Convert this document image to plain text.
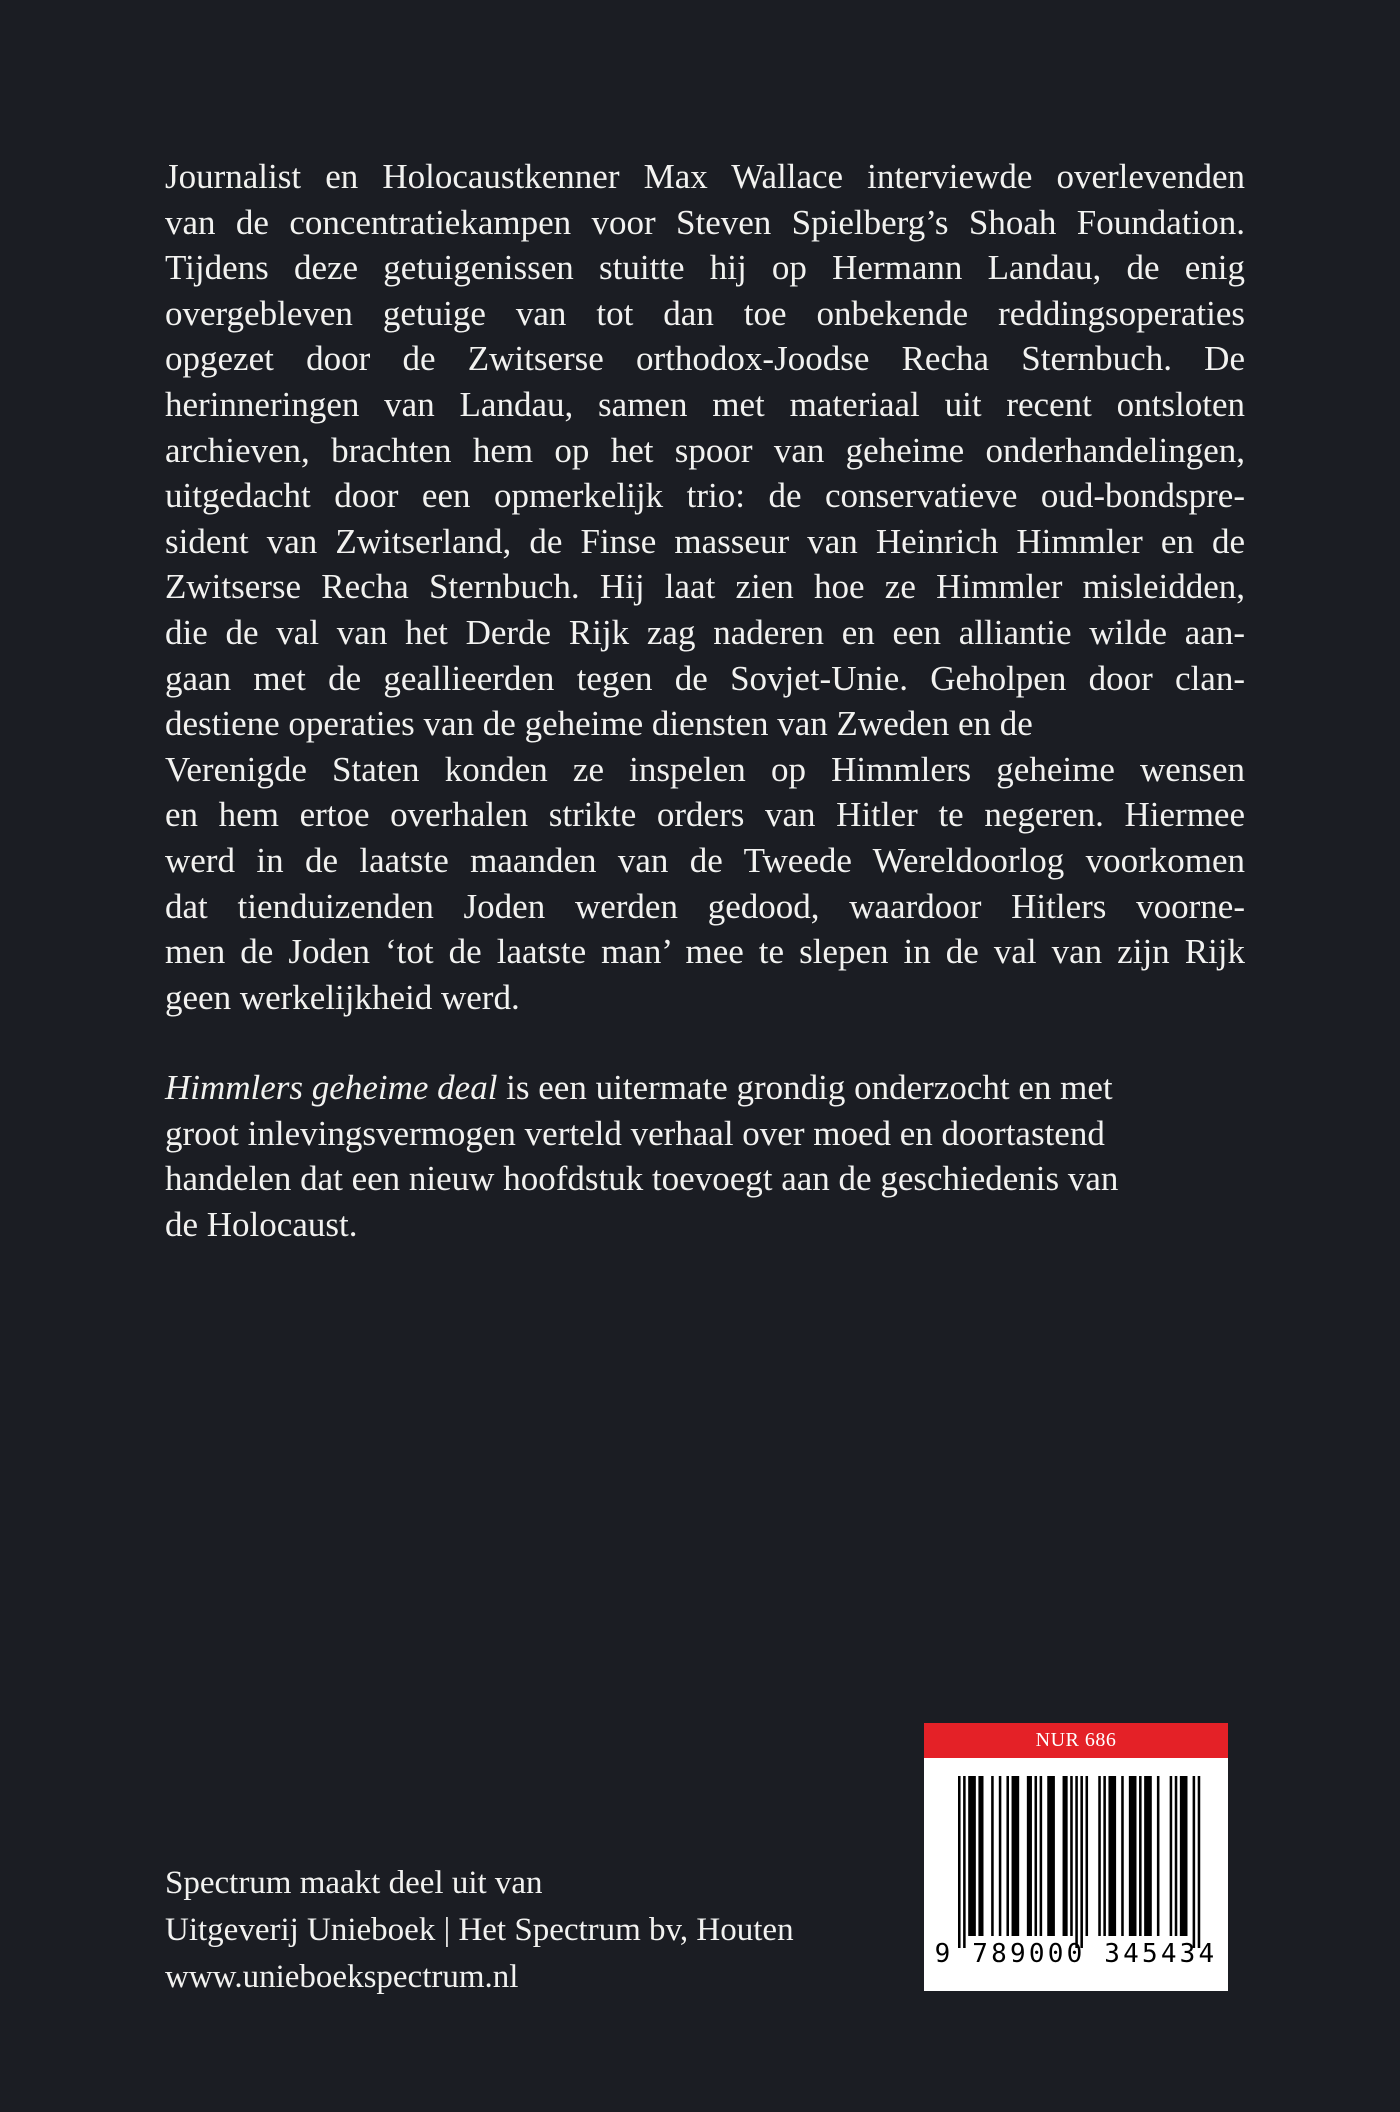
Journalist en Holocaustkenner Max Wallace interviewde overlevenden
van de concentratiekampen voor Steven Spielberg’s Shoah Foundation.
Tijdens deze getuigenissen stuitte hij op Hermann Landau, de enig
overgebleven getuige van tot dan toe onbekende reddingsoperaties
opgezet door de Zwitserse orthodox-Joodse Recha Sternbuch. De
herinneringen van Landau, samen met materiaal uit recent ontsloten
archieven, brachten hem op het spoor van geheime onderhandelingen,
uitgedacht door een opmerkelijk trio: de conservatieve oud-bondspre-
sident van Zwitserland, de Finse masseur van Heinrich Himmler en de
Zwitserse Recha Sternbuch. Hij laat zien hoe ze Himmler misleidden,
die de val van het Derde Rijk zag naderen en een alliantie wilde aan-
gaan met de geallieerden tegen de Sovjet-Unie. Geholpen door clan-
destiene operaties van de geheime diensten van Zweden en de
Verenigde Staten konden ze inspelen op Himmlers geheime wensen
en hem ertoe overhalen strikte orders van Hitler te negeren. Hiermee
werd in de laatste maanden van de Tweede Wereldoorlog voorkomen
dat tienduizenden Joden werden gedood, waardoor Hitlers voorne-
men de Joden ‘tot de laatste man’ mee te slepen in de val van zijn Rijk
geen werkelijkheid werd.

Himmlers geheime deal is een uitermate grondig onderzocht en met
groot inlevingsvermogen verteld verhaal over moed en doortastend
handelen dat een nieuw hoofdstuk toevoegt aan de geschiedenis van
de Holocaust.

Spectrum maakt deel uit van
Uitgeverij Unieboek | Het Spectrum bv, Houten
www.unieboekspectrum.nl
NUR 686
9 789000 345434
